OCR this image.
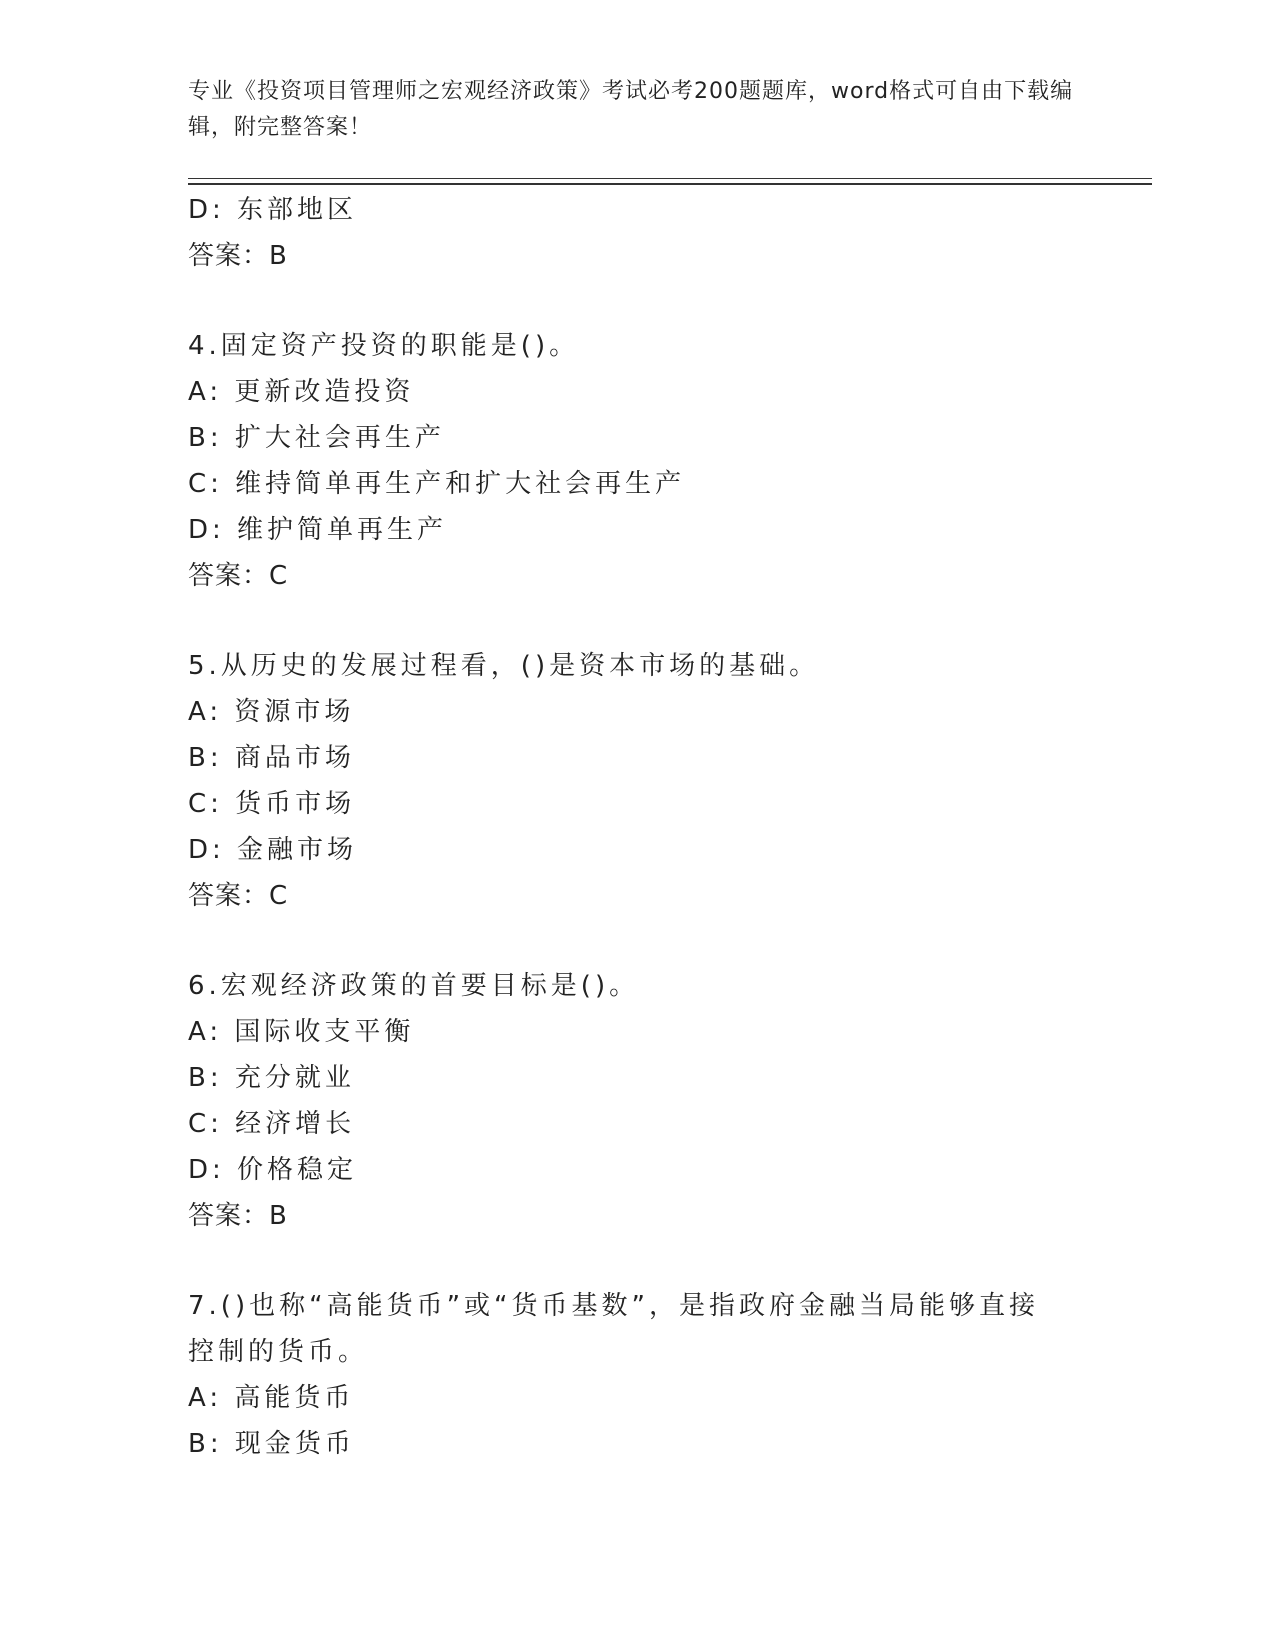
专业《投资项目管理师之宏观经济政策》考试必考200题题库，word格式可自由下载编辑，附完整答案！
D: 东部地区
答案：B
4.固定资产投资的职能是()。
A: 更新改造投资
B: 扩大社会再生产
C: 维持简单再生产和扩大社会再生产
D: 维护简单再生产
答案：C
5.从历史的发展过程看，()是资本市场的基础。
A: 资源市场
B: 商品市场
C: 货币市场
D: 金融市场
答案：C
6.宏观经济政策的首要目标是()。
A: 国际收支平衡
B: 充分就业
C: 经济增长
D: 价格稳定
答案：B
7.()也称“高能货币”或“货币基数”，是指政府金融当局能够直接控制的货币。
A: 高能货币
B: 现金货币
